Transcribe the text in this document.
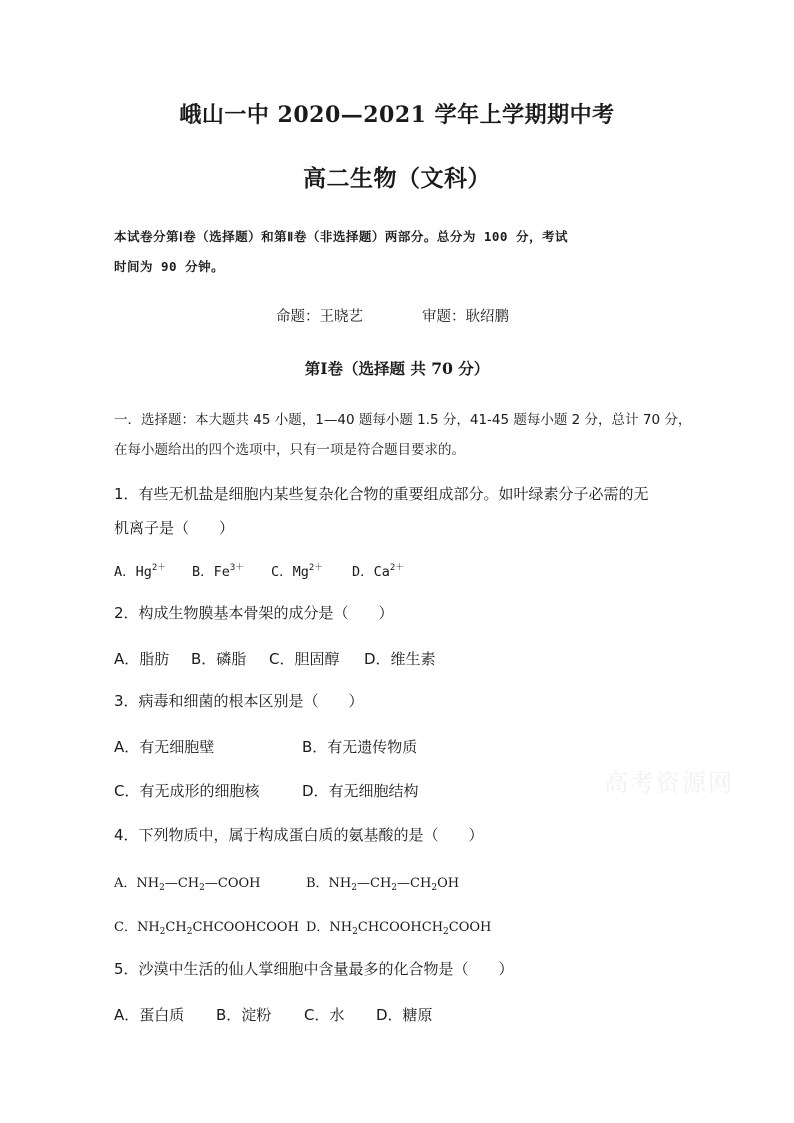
峨山一中 2020—2021 学年上学期期中考
高二生物（文科）
本试卷分第Ⅰ卷（选择题）和第Ⅱ卷（非选择题）两部分。总分为 100 分，考试
时间为 90 分钟。
命题：王晓艺	审题：耿绍鹏
第Ⅰ卷（选择题 共 70 分）
一．选择题：本大题共 45 小题，1—40 题每小题 1.5 分，41-45 题每小题 2 分，总计 70 分，
在每小题给出的四个选项中，只有一项是符合题目要求的。
1．有些无机盐是细胞内某些复杂化合物的重要组成部分。如叶绿素分子必需的无
机离子是（　　）
A．$Hg^{2+}$ B．$Fe^{3+}$ C．$Mg^{2+}$ D．$Ca^{2+}$
2．构成生物膜基本骨架的成分是（　　）
A．脂肪 B．磷脂 C．胆固醇 D．维生素
3．病毒和细菌的根本区别是（　　）
A．有无细胞壁	B．有无遗传物质
C．有无成形的细胞核	D．有无细胞结构
4．下列物质中，属于构成蛋白质的氨基酸的是（　　）
A．$NH_2—CH_2—COOH$	B．$NH_2—CH_2—CH_2OH$
C．$NH_2CH_2CHCOOHCOOH$ D．$NH_2CHCOOHCH_2COOH$
5．沙漠中生活的仙人掌细胞中含量最多的化合物是（　　）
A．蛋白质 B．淀粉 C．水 D．糖原
高考资源网
